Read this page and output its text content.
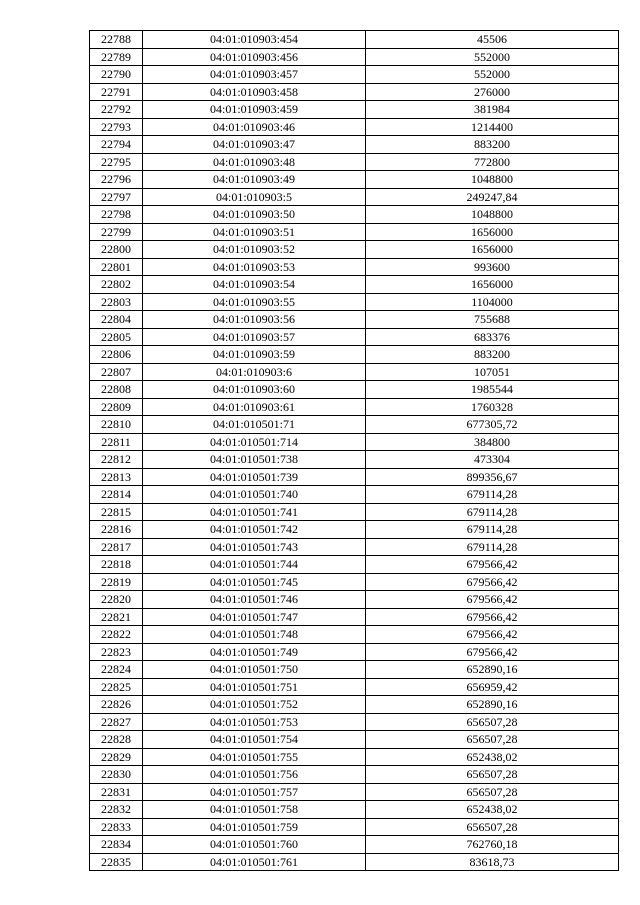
22788	04:01:010903:454	45506
22789	04:01:010903:456	552000
22790	04:01:010903:457	552000
22791	04:01:010903:458	276000
22792	04:01:010903:459	381984
22793	04:01:010903:46	1214400
22794	04:01:010903:47	883200
22795	04:01:010903:48	772800
22796	04:01:010903:49	1048800
22797	04:01:010903:5	249247,84
22798	04:01:010903:50	1048800
22799	04:01:010903:51	1656000
22800	04:01:010903:52	1656000
22801	04:01:010903:53	993600
22802	04:01:010903:54	1656000
22803	04:01:010903:55	1104000
22804	04:01:010903:56	755688
22805	04:01:010903:57	683376
22806	04:01:010903:59	883200
22807	04:01:010903:6	107051
22808	04:01:010903:60	1985544
22809	04:01:010903:61	1760328
22810	04:01:010501:71	677305,72
22811	04:01:010501:714	384800
22812	04:01:010501:738	473304
22813	04:01:010501:739	899356,67
22814	04:01:010501:740	679114,28
22815	04:01:010501:741	679114,28
22816	04:01:010501:742	679114,28
22817	04:01:010501:743	679114,28
22818	04:01:010501:744	679566,42
22819	04:01:010501:745	679566,42
22820	04:01:010501:746	679566,42
22821	04:01:010501:747	679566,42
22822	04:01:010501:748	679566,42
22823	04:01:010501:749	679566,42
22824	04:01:010501:750	652890,16
22825	04:01:010501:751	656959,42
22826	04:01:010501:752	652890,16
22827	04:01:010501:753	656507,28
22828	04:01:010501:754	656507,28
22829	04:01:010501:755	652438,02
22830	04:01:010501:756	656507,28
22831	04:01:010501:757	656507,28
22832	04:01:010501:758	652438,02
22833	04:01:010501:759	656507,28
22834	04:01:010501:760	762760,18
22835	04:01:010501:761	83618,73
